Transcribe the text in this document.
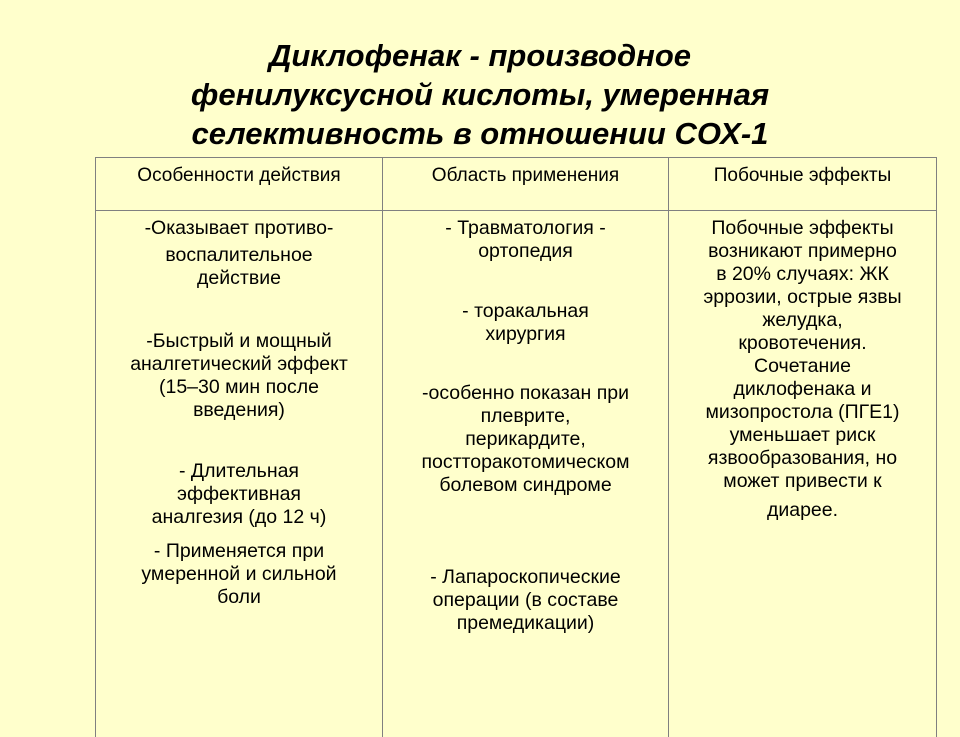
Диклофенак - производное
фенилуксусной кислоты, умеренная
селективность в отношении СОХ-1
Особенности действия	Область применения	Побочные эффекты
-Оказывает противо-
воспалительное
действие
-Быстрый и мощный
аналгетический эффект
(15–30 мин после
введения)
- Длительная
эффективная
аналгезия (до 12 ч)
- Применяется при
умеренной и сильной
боли
- Травматология -
ортопедия
- торакальная
хирургия
-особенно показан при
плеврите,
перикардите,
постторакотомическом
болевом синдроме
- Лапароскопические
операции (в составе
премедикации)
Побочные эффекты
возникают примерно
в 20% случаях: ЖК
эррозии, острые язвы
желудка,
кровотечения.
Сочетание
диклофенака и
мизопростола (ПГЕ1)
уменьшает риск
язвообразования, но
может привести к
диарее.
